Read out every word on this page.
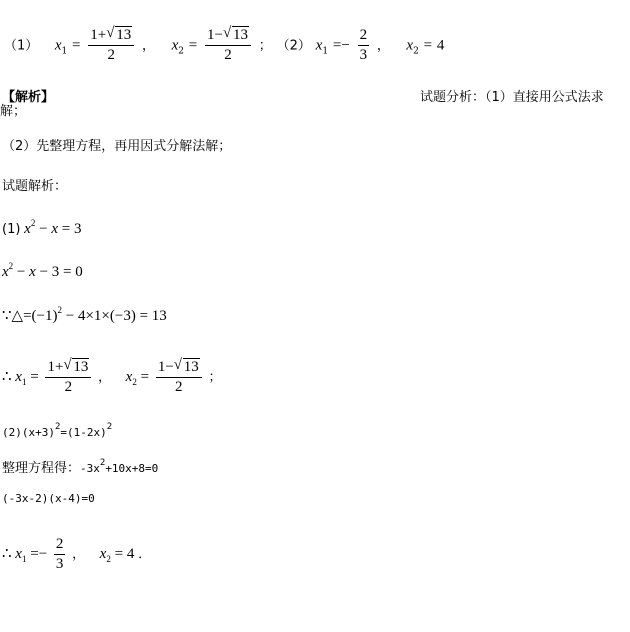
（1） $x_1 = \frac{1+ √ 13}{2}$ ， $x_2 = \frac{1- √ 13}{2}$ ； （2） $x_1 =- \frac{2}{3}$ ， $x_2 = 4$
【解析】	试题分析：（1）直接用公式法求
解；
（2）先整理方程，再用因式分解法解；
试题解析：
(1) $x^2 - x = 3$
$x^2 - x - 3 = 0$
$\because\triangle=(-1)^2 - 4\times 1\times(-3) = 13$
∴ $x_1 = \frac{1+ √ 13}{2}$ ， $x_2 = \frac{1- √ 13}{2}$ ；
$(2)(x+3)^2=(1-2x)^2$
整理方程得：$-3x^2+10x+8=0$
(-3x-2)(x-4)=0
∴ $x_1 =- \frac{2}{3}$ ， $x_2 = 4$ ．
